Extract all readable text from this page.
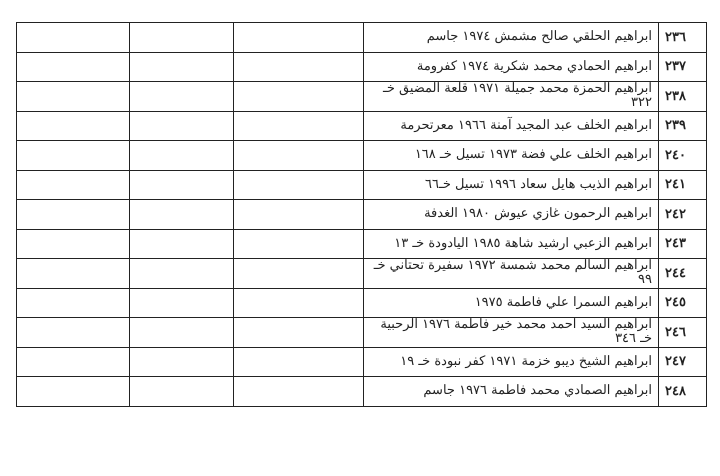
			ابراهيم الحلقي صالح مشمش ١٩٧٤ جاسم	٢٣٦
			ابراهيم الحمادي محمد شكرية ١٩٧٤ كفرومة	٢٣٧
			ابراهيم الحمزة محمد جميلة ١٩٧١ قلعة المضيق خـ ٣٢٢	٢٣٨
			ابراهيم الخلف عبد المجيد آمنة ١٩٦٦ معرتحرمة	٢٣٩
			ابراهيم الخلف علي فضة ١٩٧٣ تسيل خـ ١٦٨	٢٤٠
			ابراهيم الذيب هايل سعاد ١٩٩٦ تسيل خـ٦٦	٢٤١
			ابراهيم الرحمون غازي عيوش ١٩٨٠ الغدفة	٢٤٢
			ابراهيم الزعبي ارشيد شاهة ١٩٨٥ اليادودة خـ ١٣	٢٤٣
			ابراهيم السالم محمد شمسة ١٩٧٢ سفيرة تحتاني خـ ٩٩	٢٤٤
			ابراهيم السمرا علي فاطمة ١٩٧٥	٢٤٥
			ابراهيم السيد احمد محمد خير فاطمة ١٩٧٦ الرحبية خـ ٣٤٦	٢٤٦
			ابراهيم الشيخ ديبو خزمة ١٩٧١ كفر نبودة خـ ١٩	٢٤٧
			ابراهيم الصمادي محمد فاطمة ١٩٧٦ جاسم	٢٤٨
